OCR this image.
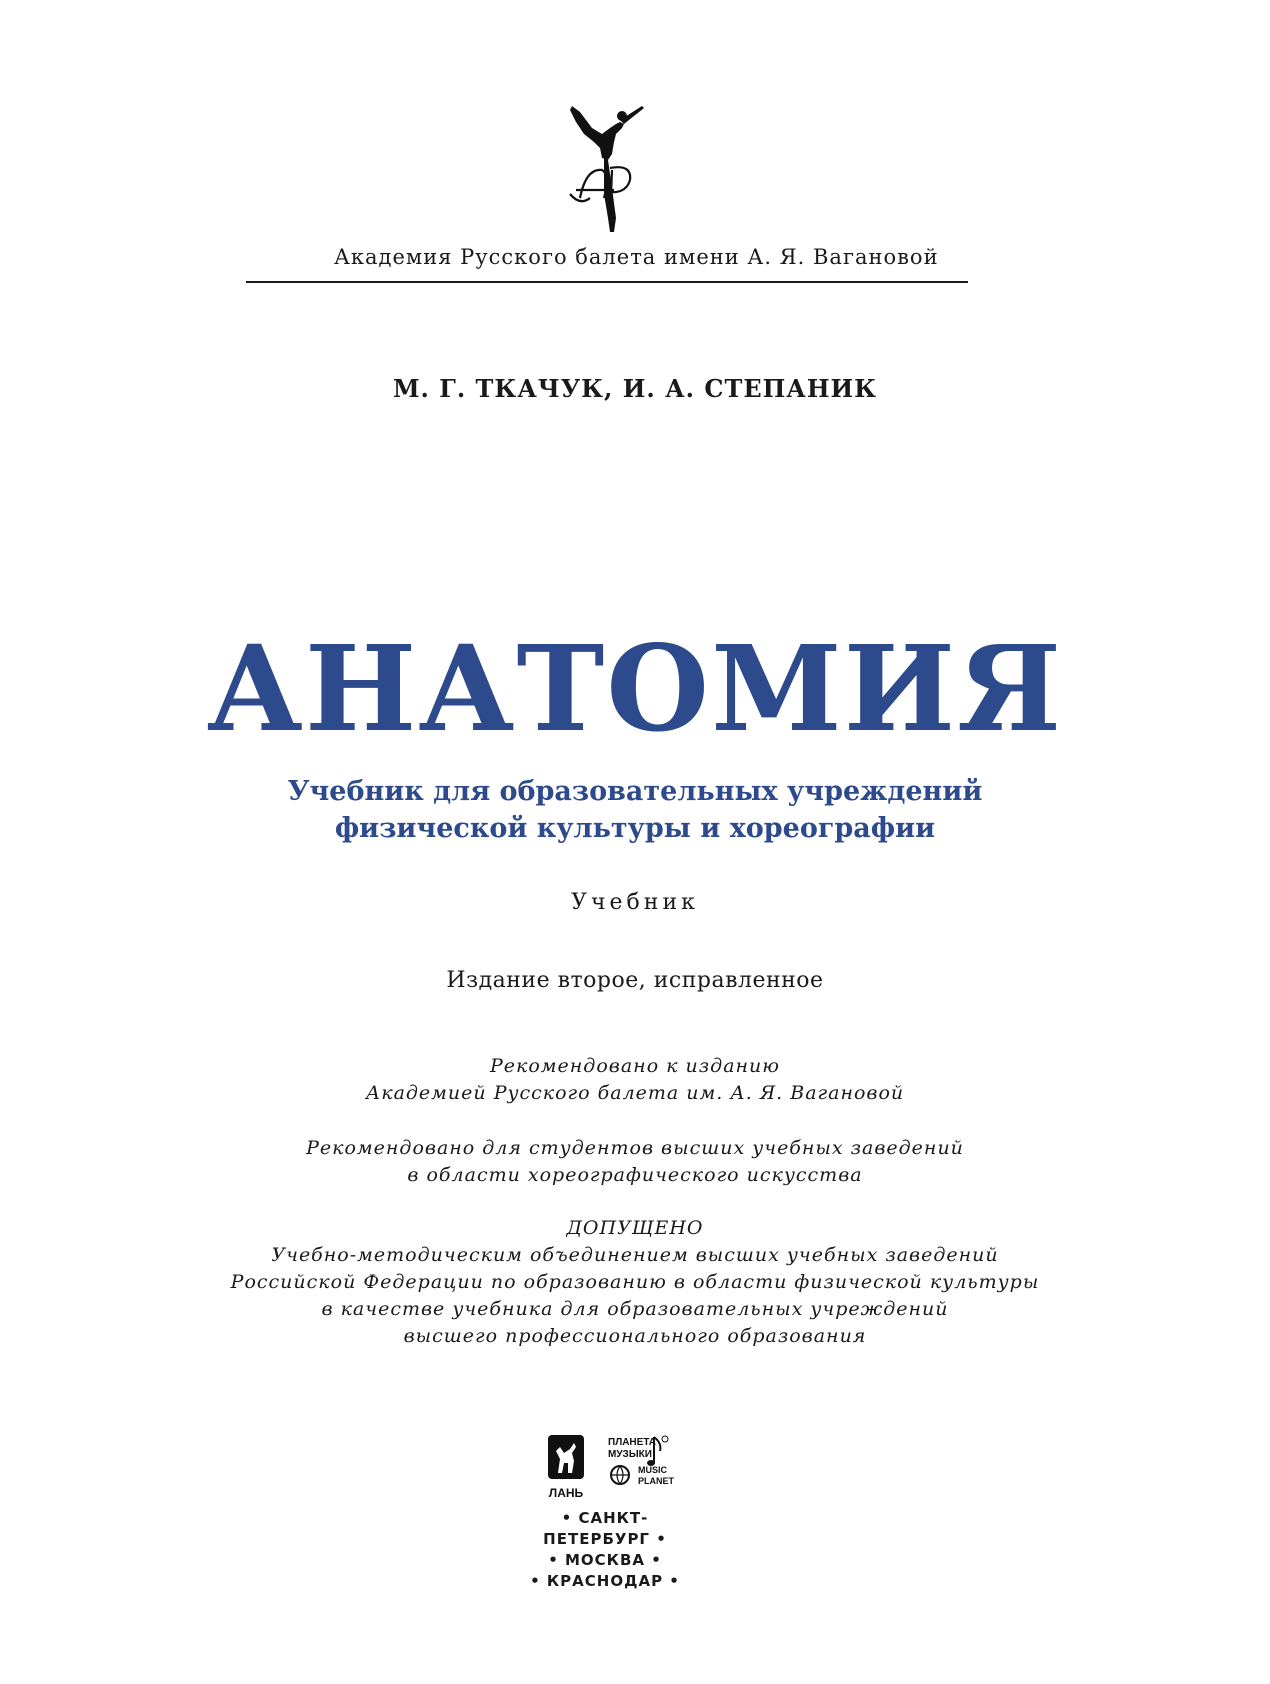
Академия Русского балета имени А. Я. Вагановой
М. Г. ТКАЧУК, И. А. СТЕПАНИК
АНАТОМИЯ
Учебник для образовательных учреждений
физической культуры и хореографии
Учебник
Издание второе, исправленное
Рекомендовано к изданию
Академией Русского балета им. А. Я. Вагановой
Рекомендовано для студентов высших учебных заведений
в области хореографического искусства
ДОПУЩЕНО
Учебно-методическим объединением высших учебных заведений
Российской Федерации по образованию в области физической культуры
в качестве учебника для образовательных учреждений
высшего профессионального образования
ЛАНЬ
ПЛАНЕТА
МУЗЫКИ
MUSIC
PLANET
• САНКТ-ПЕТЕРБУРГ •
• МОСКВА •
• КРАСНОДАР •
